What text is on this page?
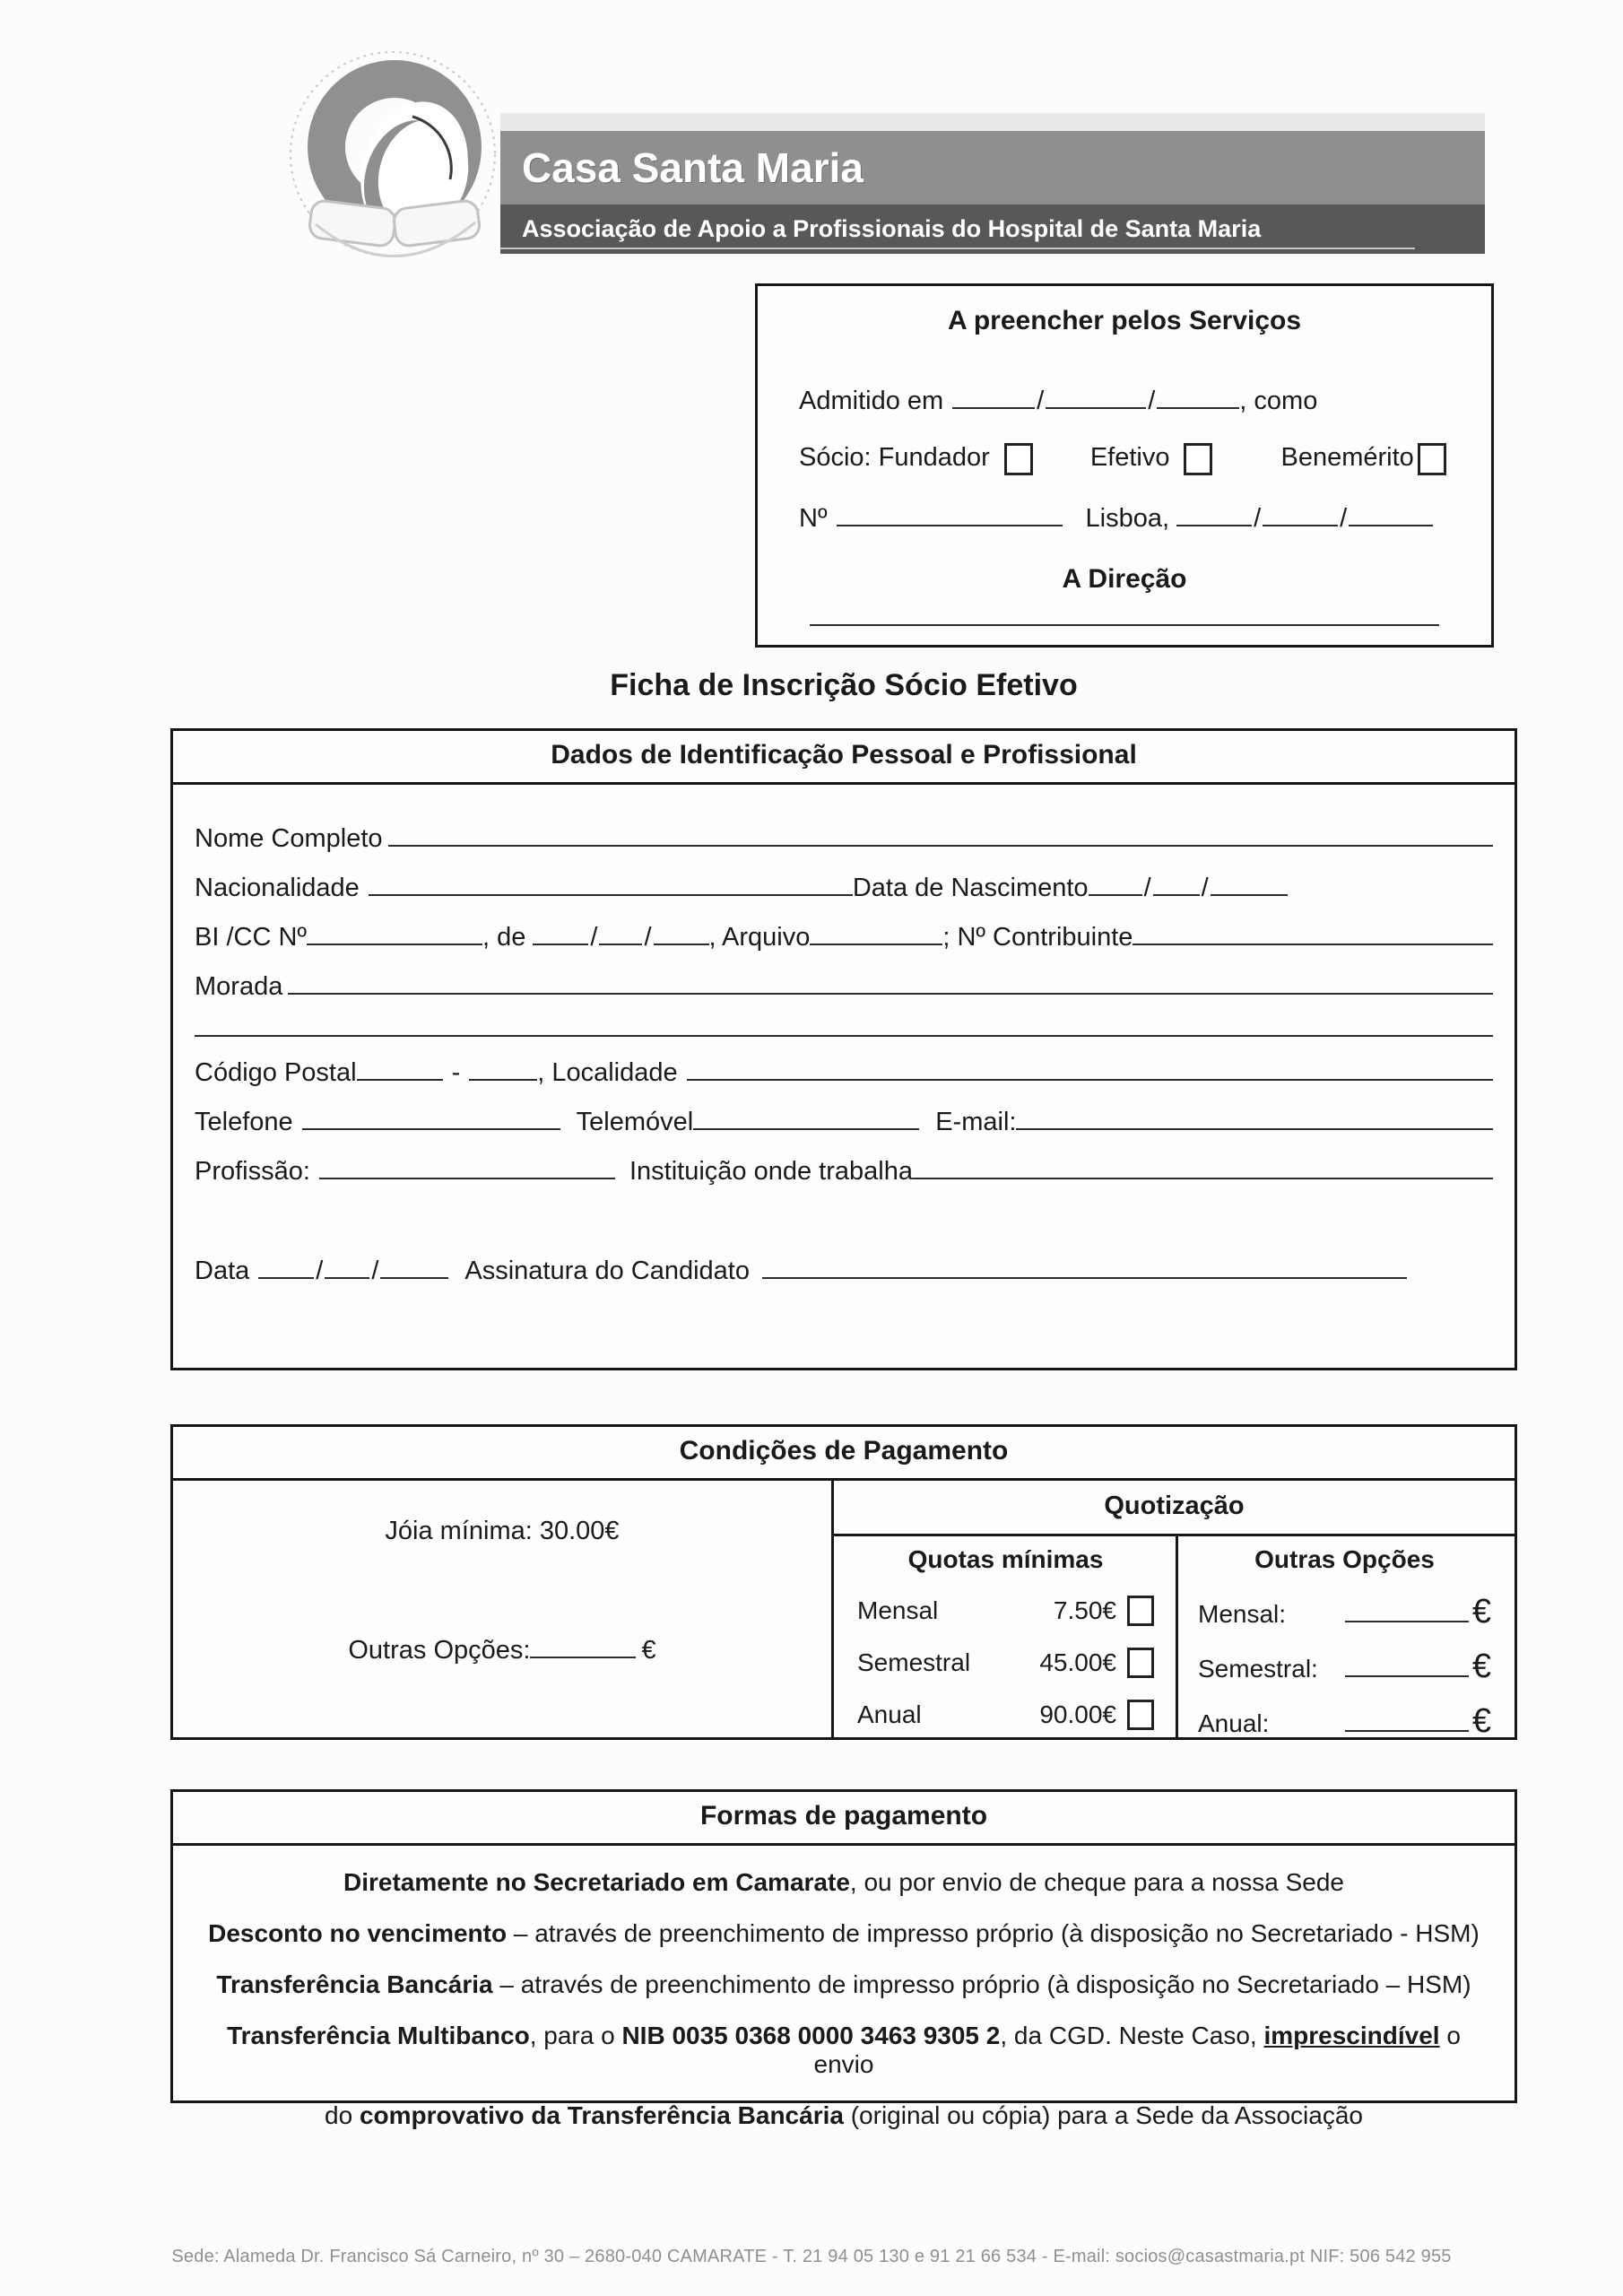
Casa Santa Maria
Associação de Apoio a Profissionais do Hospital de Santa Maria
A preencher pelos Serviços
Admitido em	/	/	, como
Sócio: Fundador	Efetivo	Benemérito
Nº	Lisboa,	/	/
A Direção
Ficha de Inscrição Sócio Efetivo
Dados de Identificação Pessoal e Profissional
Nome Completo
Nacionalidade	Data de Nascimento / /
BI /CC Nº	, de / / , Arquivo	; Nº Contribuinte
Morada
Código Postal	-	, Localidade
Telefone	Telemóvel	E-mail:
Profissão:	Instituição onde trabalha
Data	/ /	Assinatura do Candidato
Condições de Pagamento
Jóia mínima: 30.00€
Outras Opções:	€
Quotização
Quotas mínimas
Mensal	7.50€
Semestral	45.00€
Anual	90.00€
Outras Opções
Mensal:	€
Semestral:	€
Anual:	€
Formas de pagamento
Diretamente no Secretariado em Camarate, ou por envio de cheque para a nossa Sede
Desconto no vencimento – através de preenchimento de impresso próprio (à disposição no Secretariado - HSM)
Transferência Bancária – através de preenchimento de impresso próprio (à disposição no Secretariado – HSM)
Transferência Multibanco, para o NIB 0035 0368 0000 3463 9305 2, da CGD. Neste Caso, imprescindível o envio
do comprovativo da Transferência Bancária (original ou cópia) para a Sede da Associação
Sede: Alameda Dr. Francisco Sá Carneiro, nº 30 – 2680-040 CAMARATE - T. 21 94 05 130 e 91 21 66 534 - E-mail: socios@casastmaria.pt NIF: 506 542 955
